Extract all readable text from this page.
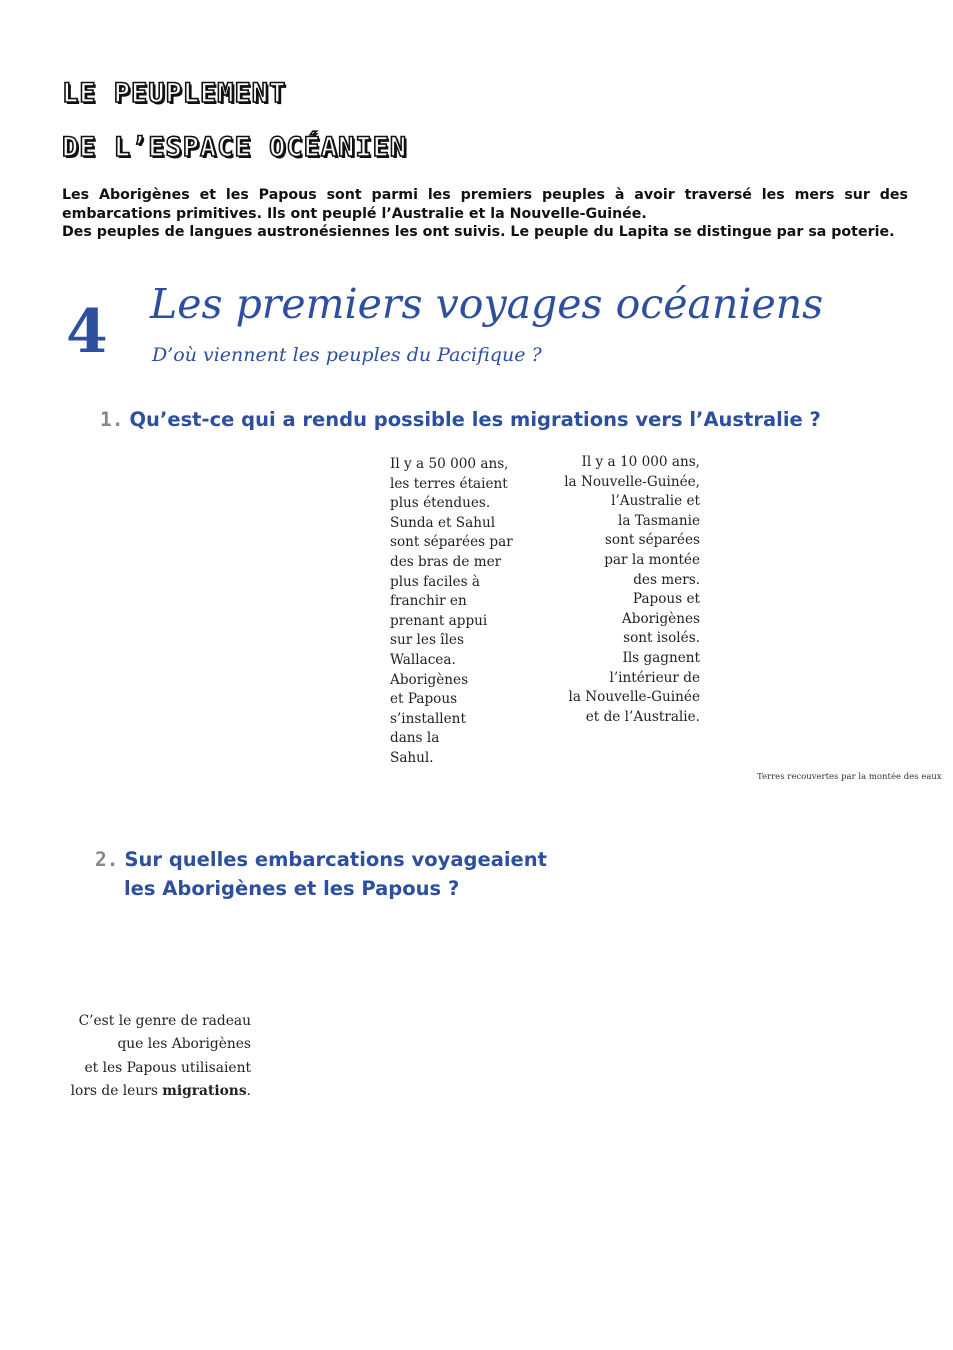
LE PEUPLEMENT
DE L’ESPACE OCÉANIEN

Les Aborigènes et les Papous sont parmi les premiers peuples à avoir traversé les mers sur des embarcations primitives. Ils ont peuplé l’Australie et la Nouvelle-Guinée.

Des peuples de langues austronésiennes les ont suivis. Le peuple du Lapita se distingue par sa poterie.

4 Les premiers voyages océaniens
D’où viennent les peuples du Pacifique ?
1. Qu’est-ce qui a rendu possible les migrations vers l’Australie ?
Il y a 50 000 ans,
les terres étaient
plus étendues.
Sunda et Sahul
sont séparées par
des bras de mer
plus faciles à
franchir en
prenant appui
sur les îles
Wallacea.
Aborigènes
et Papous
s’installent
dans la
Sahul.
Il y a 10 000 ans,
la Nouvelle-Guinée,
l’Australie et
la Tasmanie
sont séparées
par la montée
des mers.
Papous et
Aborigènes
sont isolés.
Ils gagnent
l’intérieur de
la Nouvelle-Guinée
et de l’Australie.
Terres recouvertes par la montée des eaux
2. Sur quelles embarcations voyageaient
les Aborigènes et les Papous ?
C’est le genre de radeau
que les Aborigènes
et les Papous utilisaient
lors de leurs migrations.
